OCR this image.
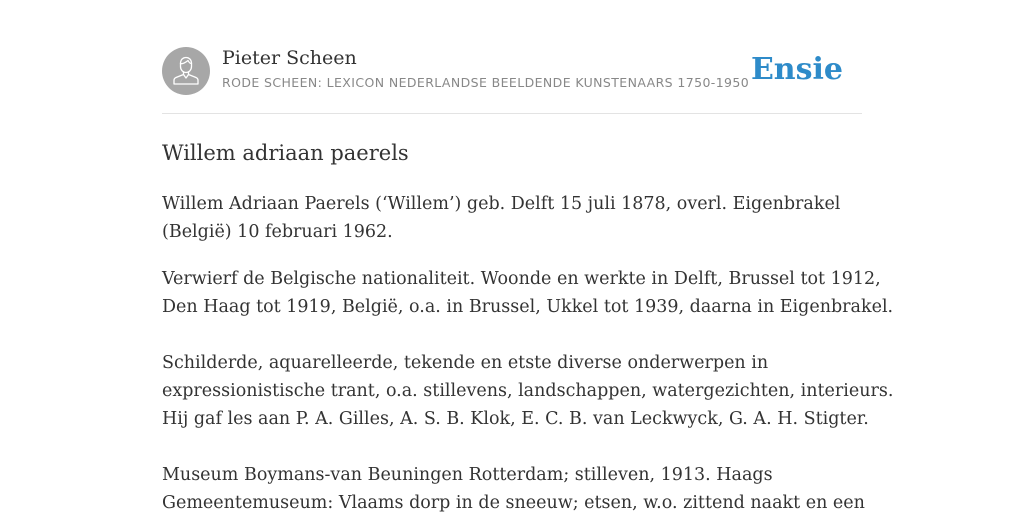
Pieter Scheen
RODE SCHEEN: LEXICON NEDERLANDSE BEELDENDE KUNSTENAARS 1750-1950 Ensie
Willem adriaan paerels

Willem Adriaan Paerels (‘Willem’) geb. Delft 15 juli 1878, overl. Eigenbrakel
(België) 10 februari 1962.

Verwierf de Belgische nationaliteit. Woonde en werkte in Delft, Brussel tot 1912,
Den Haag tot 1919, België, o.a. in Brussel, Ukkel tot 1939, daarna in Eigenbrakel.
Schilderde, aquarelleerde, tekende en etste diverse onderwerpen in
expressionistische trant, o.a. stillevens, landschappen, watergezichten, interieurs.
Hij gaf les aan P. A. Gilles, A. S. B. Klok, E. C. B. van Leckwyck, G. A. H. Stigter.
Museum Boymans-van Beuningen Rotterdam; stilleven, 1913. Haags
Gemeentemuseum: Vlaams dorp in de sneeuw; etsen, w.o. zittend naakt en een
